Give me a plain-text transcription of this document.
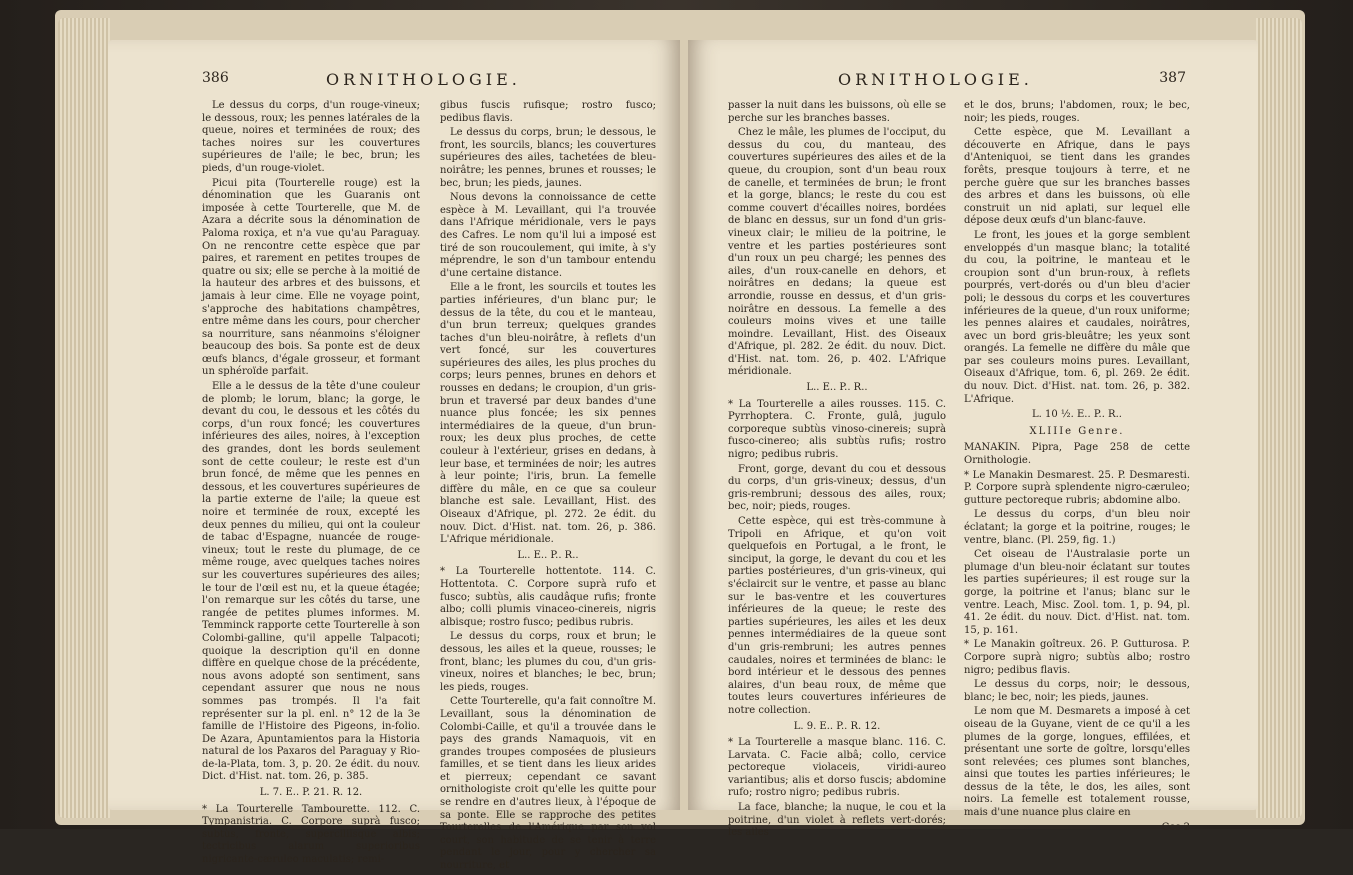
386	ORNITHOLOGIE.

Le dessus du corps, d'un rouge-vineux; le dessous, roux; les pennes latérales de la queue, noires et terminées de roux; des taches noires sur les couvertures supérieures de l'aile; le bec, brun; les pieds, d'un rouge-violet.

Picui pita (Tourterelle rouge) est la dénomination que les Guaranis ont imposée à cette Tourterelle, que M. de Azara a décrite sous la dénomination de Paloma roxiça, et n'a vue qu'au Paraguay. On ne rencontre cette espèce que par paires, et rarement en petites troupes de quatre ou six; elle se perche à la moitié de la hauteur des arbres et des buissons, et jamais à leur cime. Elle ne voyage point, s'approche des habitations champêtres, entre même dans les cours, pour chercher sa nourriture, sans néanmoins s'éloigner beaucoup des bois. Sa ponte est de deux œufs blancs, d'égale grosseur, et formant un sphéroïde parfait.

Elle a le dessus de la tête d'une couleur de plomb; le lorum, blanc; la gorge, le devant du cou, le dessous et les côtés du corps, d'un roux foncé; les couvertures inférieures des ailes, noires, à l'exception des grandes, dont les bords seulement sont de cette couleur; le reste est d'un brun foncé, de même que les pennes en dessous, et les couvertures supérieures de la partie externe de l'aile; la queue est noire et terminée de roux, excepté les deux pennes du milieu, qui ont la couleur de tabac d'Espagne, nuancée de rouge-vineux; tout le reste du plumage, de ce même rouge, avec quelques taches noires sur les couvertures supérieures des ailes; le tour de l'œil est nu, et la queue étagée; l'on remarque sur les côtés du tarse, une rangée de petites plumes informes. M. Temminck rapporte cette Tourterelle à son Colombi-galline, qu'il appelle Talpacoti; quoique la description qu'il en donne diffère en quelque chose de la précédente, nous avons adopté son sentiment, sans cependant assurer que nous ne nous sommes pas trompés. Il l'a fait représenter sur la pl. enl. n° 12 de la 3e famille de l'Histoire des Pigeons, in-folio. De Azara, Apuntamientos para la Historia natural de los Paxaros del Paraguay y Rio-de-la-Plata, tom. 3, p. 20. 2e édit. du nouv. Dict. d'Hist. nat. tom. 26, p. 385.

L. 7. E.. P. 21. R. 12.

* La Tourterelle Tambourette. 112. C. Tympanistria. C. Corpore suprà fusco; subtùs, fronte, superciliisque albis; tectricibus alarum superioribus nigricante-cæruleo maculatis; remi-

gibus fuscis rufisque; rostro fusco; pedibus flavis.

Le dessus du corps, brun; le dessous, le front, les sourcils, blancs; les couvertures supérieures des ailes, tachetées de bleu-noirâtre; les pennes, brunes et rousses; le bec, brun; les pieds, jaunes.

Nous devons la connoissance de cette espèce à M. Levaillant, qui l'a trouvée dans l'Afrique méridionale, vers le pays des Cafres. Le nom qu'il lui a imposé est tiré de son roucoulement, qui imite, à s'y méprendre, le son d'un tambour entendu d'une certaine distance.

Elle a le front, les sourcils et toutes les parties inférieures, d'un blanc pur; le dessus de la tête, du cou et le manteau, d'un brun terreux; quelques grandes taches d'un bleu-noirâtre, à reflets d'un vert foncé, sur les couvertures supérieures des ailes, les plus proches du corps; leurs pennes, brunes en dehors et rousses en dedans; le croupion, d'un gris-brun et traversé par deux bandes d'une nuance plus foncée; les six pennes intermédiaires de la queue, d'un brun-roux; les deux plus proches, de cette couleur à l'extérieur, grises en dedans, à leur base, et terminées de noir; les autres à leur pointe; l'iris, brun. La femelle diffère du mâle, en ce que sa couleur blanche est sale. Levaillant, Hist. des Oiseaux d'Afrique, pl. 272. 2e édit. du nouv. Dict. d'Hist. nat. tom. 26, p. 386. L'Afrique méridionale.

L.. E.. P.. R..

* La Tourterelle hottentote. 114. C. Hottentota. C. Corpore suprà rufo et fusco; subtùs, alis caudâque rufis; fronte albo; colli plumis vinaceo-cinereis, nigris albisque; rostro fusco; pedibus rubris.

Le dessus du corps, roux et brun; le dessous, les ailes et la queue, rousses; le front, blanc; les plumes du cou, d'un gris-vineux, noires et blanches; le bec, brun; les pieds, rouges.

Cette Tourterelle, qu'a fait connoître M. Levaillant, sous la dénomination de Colombi-Caille, et qu'il a trouvée dans le pays des grands Namaquois, vit en grandes troupes composées de plusieurs familles, et se tient dans les lieux arides et pierreux; cependant ce savant ornithologiste croit qu'elle les quitte pour se rendre en d'autres lieux, à l'époque de sa ponte. Elle se rapproche des petites Tourterelles de l'Amérique par son vol court, son habitude de se tenir à terre pendant le jour, pour y chercher sa nourriture, et

ORNITHOLOGIE.	387

passer la nuit dans les buissons, où elle se perche sur les branches basses.

Chez le mâle, les plumes de l'occiput, du dessus du cou, du manteau, des couvertures supérieures des ailes et de la queue, du croupion, sont d'un beau roux de canelle, et terminées de brun; le front et la gorge, blancs; le reste du cou est comme couvert d'écailles noires, bordées de blanc en dessus, sur un fond d'un gris-vineux clair; le milieu de la poitrine, le ventre et les parties postérieures sont d'un roux un peu chargé; les pennes des ailes, d'un roux-canelle en dehors, et noirâtres en dedans; la queue est arrondie, rousse en dessus, et d'un gris-noirâtre en dessous. La femelle a des couleurs moins vives et une taille moindre. Levaillant, Hist. des Oiseaux d'Afrique, pl. 282. 2e édit. du nouv. Dict. d'Hist. nat. tom. 26, p. 402. L'Afrique méridionale.

L.. E.. P.. R..

* La Tourterelle a ailes rousses. 115. C. Pyrrhoptera. C. Fronte, gulâ, jugulo corporeque subtùs vinoso-cinereis; suprà fusco-cinereo; alis subtùs rufis; rostro nigro; pedibus rubris.

Front, gorge, devant du cou et dessous du corps, d'un gris-vineux; dessus, d'un gris-rembruni; dessous des ailes, roux; bec, noir; pieds, rouges.

Cette espèce, qui est très-commune à Tripoli en Afrique, et qu'on voit quelquefois en Portugal, a le front, le sinciput, la gorge, le devant du cou et les parties postérieures, d'un gris-vineux, qui s'éclaircit sur le ventre, et passe au blanc sur le bas-ventre et les couvertures inférieures de la queue; le reste des parties supérieures, les ailes et les deux pennes intermédiaires de la queue sont d'un gris-rembruni; les autres pennes caudales, noires et terminées de blanc: le bord intérieur et le dessous des pennes alaires, d'un beau roux, de même que toutes leurs couvertures inférieures de notre collection.

L. 9. E.. P.. R. 12.

* La Tourterelle a masque blanc. 116. C. Larvata. C. Facie albâ; collo, cervice pectoreque violaceis, viridi-aureo variantibus; alis et dorso fuscis; abdomine rufo; rostro nigro; pedibus rubris.

La face, blanche; la nuque, le cou et la poitrine, d'un violet à reflets vert-dorés; les ailes

et le dos, bruns; l'abdomen, roux; le bec, noir; les pieds, rouges.

Cette espèce, que M. Levaillant a découverte en Afrique, dans le pays d'Anteniquoi, se tient dans les grandes forêts, presque toujours à terre, et ne perche guère que sur les branches basses des arbres et dans les buissons, où elle construit un nid aplati, sur lequel elle dépose deux œufs d'un blanc-fauve.

Le front, les joues et la gorge semblent enveloppés d'un masque blanc; la totalité du cou, la poitrine, le manteau et le croupion sont d'un brun-roux, à reflets pourprés, vert-dorés ou d'un bleu d'acier poli; le dessous du corps et les couvertures inférieures de la queue, d'un roux uniforme; les pennes alaires et caudales, noirâtres, avec un bord gris-bleuâtre; les yeux sont orangés. La femelle ne diffère du mâle que par ses couleurs moins pures. Levaillant, Oiseaux d'Afrique, tom. 6, pl. 269. 2e édit. du nouv. Dict. d'Hist. nat. tom. 26, p. 382. L'Afrique.

L. 10 ½. E.. P.. R..

XLIIIe Genre.

MANAKIN. Pipra, Page 258 de cette Ornithologie.

* Le Manakin Desmarest. 25. P. Desmaresti. P. Corpore suprà splendente nigro-cæruleo; gutture pectoreque rubris; abdomine albo.

Le dessus du corps, d'un bleu noir éclatant; la gorge et la poitrine, rouges; le ventre, blanc. (Pl. 259, fig. 1.)

Cet oiseau de l'Australasie porte un plumage d'un bleu-noir éclatant sur toutes les parties supérieures; il est rouge sur la gorge, la poitrine et l'anus; blanc sur le ventre. Leach, Misc. Zool. tom. 1, p. 94, pl. 41. 2e édit. du nouv. Dict. d'Hist. nat. tom. 15, p. 161.

* Le Manakin goîtreux. 26. P. Gutturosa. P. Corpore suprà nigro; subtùs albo; rostro nigro; pedibus flavis.

Le dessus du corps, noir; le dessous, blanc; le bec, noir; les pieds, jaunes.

Le nom que M. Desmarets a imposé à cet oiseau de la Guyane, vient de ce qu'il a les plumes de la gorge, longues, effilées, et présentant une sorte de goître, lorsqu'elles sont relevées; ces plumes sont blanches, ainsi que toutes les parties inférieures; le dessus de la tête, le dos, les ailes, sont noirs. La femelle est totalement rousse, mais d'une nuance plus claire en

Ccc 2
